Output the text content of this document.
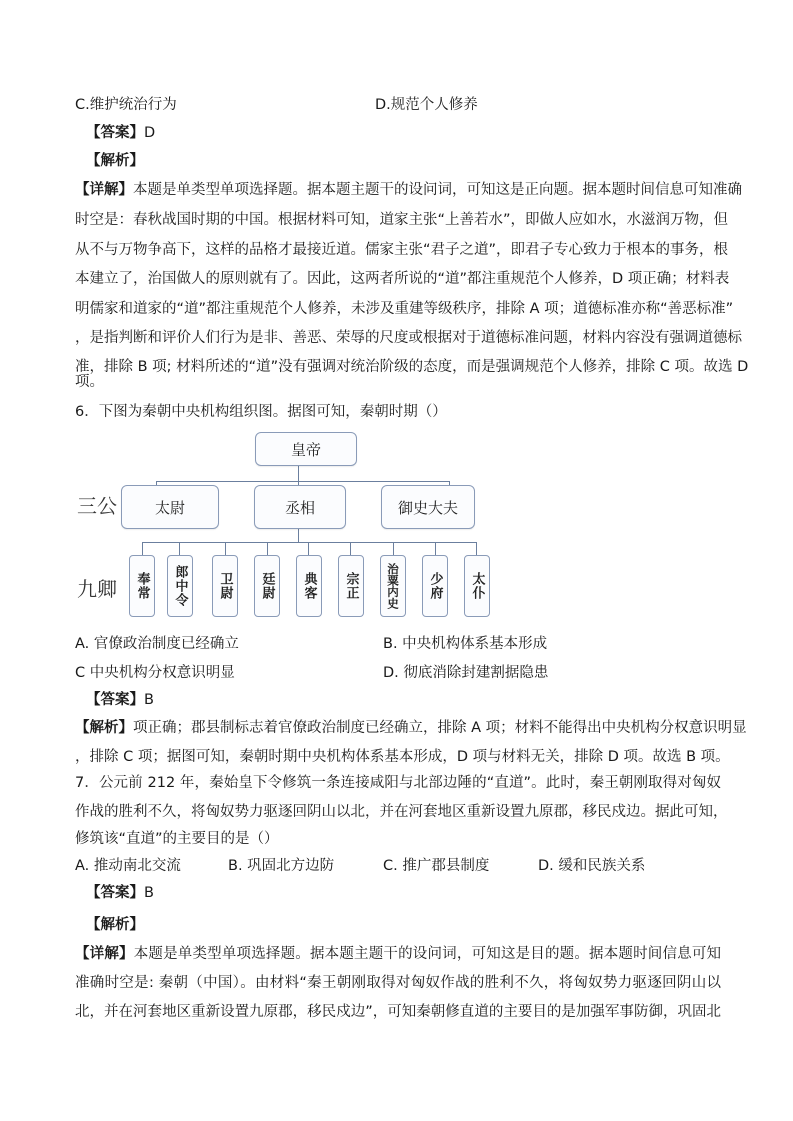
C.维护统治行为	D.规范个人修养
【答案】D
【解析】
【详解】本题是单类型单项选择题。据本题主题干的设问词，可知这是正向题。据本题时间信息可知准确
时空是：春秋战国时期的中国。根据材料可知，道家主张“上善若水”，即做人应如水，水滋润万物，但
从不与万物争高下，这样的品格才最接近道。儒家主张“君子之道”，即君子专心致力于根本的事务，根
本建立了，治国做人的原则就有了。因此，这两者所说的“道”都注重规范个人修养，D 项正确；材料表
明儒家和道家的“道”都注重规范个人修养，未涉及重建等级秩序，排除 A 项；道德标准亦称“善恶标准”
，是指判断和评价人们行为是非、善恶、荣辱的尺度或根据对于道德标准问题，材料内容没有强调道德标
准，排除 B 项; 材料所述的“道”没有强调对统治阶级的态度，而是强调规范个人修养，排除 C 项。故选 D
项。
6．下图为秦朝中央机构组织图。据图可知，秦朝时期（）
皇帝
三公	太尉	丞相	御史大夫
九卿	奉常	郎中令	卫尉	廷尉	典客	宗正	治粟内史	少府	太仆
A. 官僚政治制度已经确立	B. 中央机构体系基本形成
C 中央机构分权意识明显	D. 彻底消除封建割据隐患
【答案】B
【解析】项正确；郡县制标志着官僚政治制度已经确立，排除 A 项；材料不能得出中央机构分权意识明显
，排除 C 项；据图可知，秦朝时期中央机构体系基本形成，D 项与材料无关，排除 D 项。故选 B 项。
7．公元前 212 年，秦始皇下令修筑一条连接咸阳与北部边陲的“直道”。此时，秦王朝刚取得对匈奴
作战的胜利不久，将匈奴势力驱逐回阴山以北，并在河套地区重新设置九原郡，移民戍边。据此可知，
修筑该“直道”的主要目的是（）
A. 推动南北交流	B. 巩固北方边防	C. 推广郡县制度	D. 缓和民族关系
【答案】B
【解析】
【详解】本题是单类型单项选择题。据本题主题干的设问词，可知这是目的题。据本题时间信息可知
准确时空是: 秦朝（中国）。由材料“秦王朝刚取得对匈奴作战的胜利不久，将匈奴势力驱逐回阴山以
北，并在河套地区重新设置九原郡，移民戍边”，可知秦朝修直道的主要目的是加强军事防御，巩固北
